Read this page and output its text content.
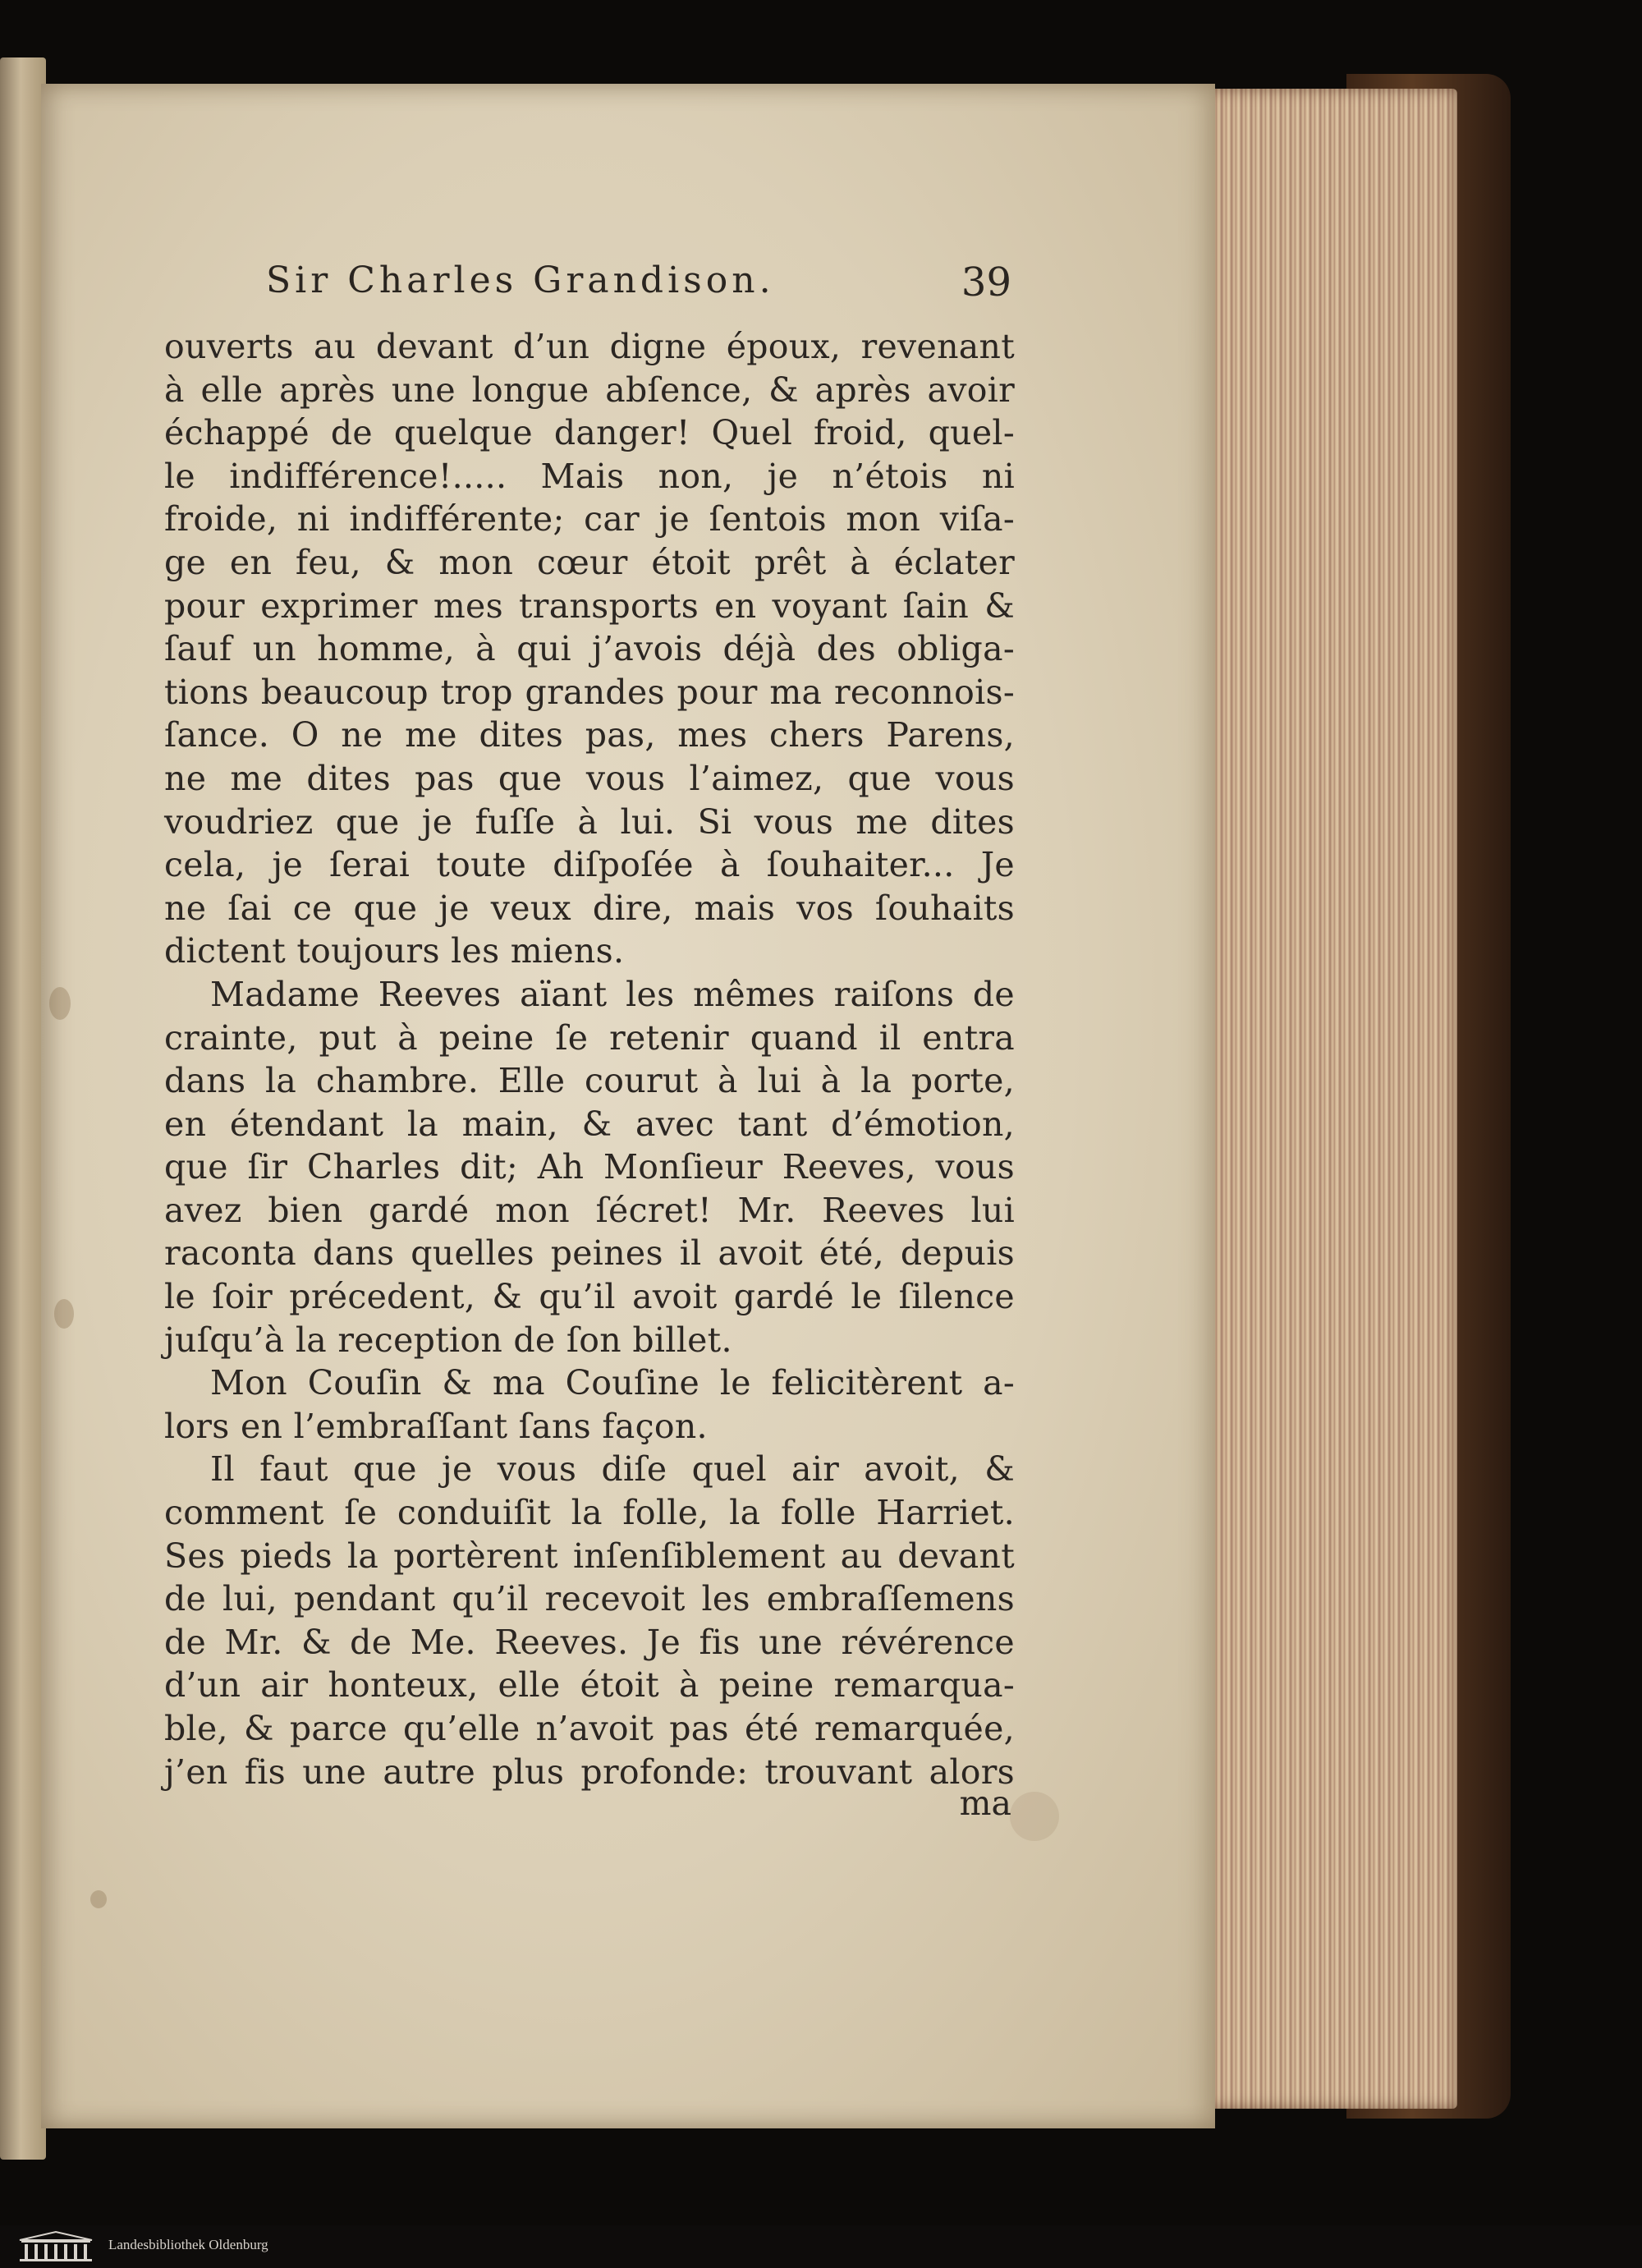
Sir Charles Grandison.	39
ouverts au devant d’un digne époux, revenant
à elle après une longue abſence, & après avoir
échappé de quelque danger! Quel froid, quel-
le indifférence!..... Mais non, je n’étois ni
froide, ni indifférente; car je ſentois mon viſa-
ge en feu, & mon cœur étoit prêt à éclater
pour exprimer mes transports en voyant ſain &
ſauf un homme, à qui j’avois déjà des obliga-
tions beaucoup trop grandes pour ma reconnois-
ſance. O ne me dites pas, mes chers Parens,
ne me dites pas que vous l’aimez, que vous
voudriez que je fuſſe à lui. Si vous me dites
cela, je ſerai toute diſpoſée à ſouhaiter... Je
ne ſai ce que je veux dire, mais vos ſouhaits
dictent toujours les miens.
Madame Reeves aïant les mêmes raiſons de
crainte, put à peine ſe retenir quand il entra
dans la chambre. Elle courut à lui à la porte,
en étendant la main, & avec tant d’émotion,
que ſir Charles dit; Ah Monſieur Reeves, vous
avez bien gardé mon ſécret! Mr. Reeves lui
raconta dans quelles peines il avoit été, depuis
le ſoir précedent, & qu’il avoit gardé le ſilence
juſqu’à la reception de ſon billet.
Mon Couſin & ma Couſine le felicitèrent a-
lors en l’embraſſant ſans façon.
Il faut que je vous diſe quel air avoit, &
comment ſe conduiſit la folle, la folle Harriet.
Ses pieds la portèrent inſenſiblement au devant
de lui, pendant qu’il recevoit les embraſſemens
de Mr. & de Me. Reeves. Je fis une révérence
d’un air honteux, elle étoit à peine remarqua-
ble, & parce qu’elle n’avoit pas été remarquée,
j’en fis une autre plus profonde: trouvant alors
ma
Landesbibliothek Oldenburg
